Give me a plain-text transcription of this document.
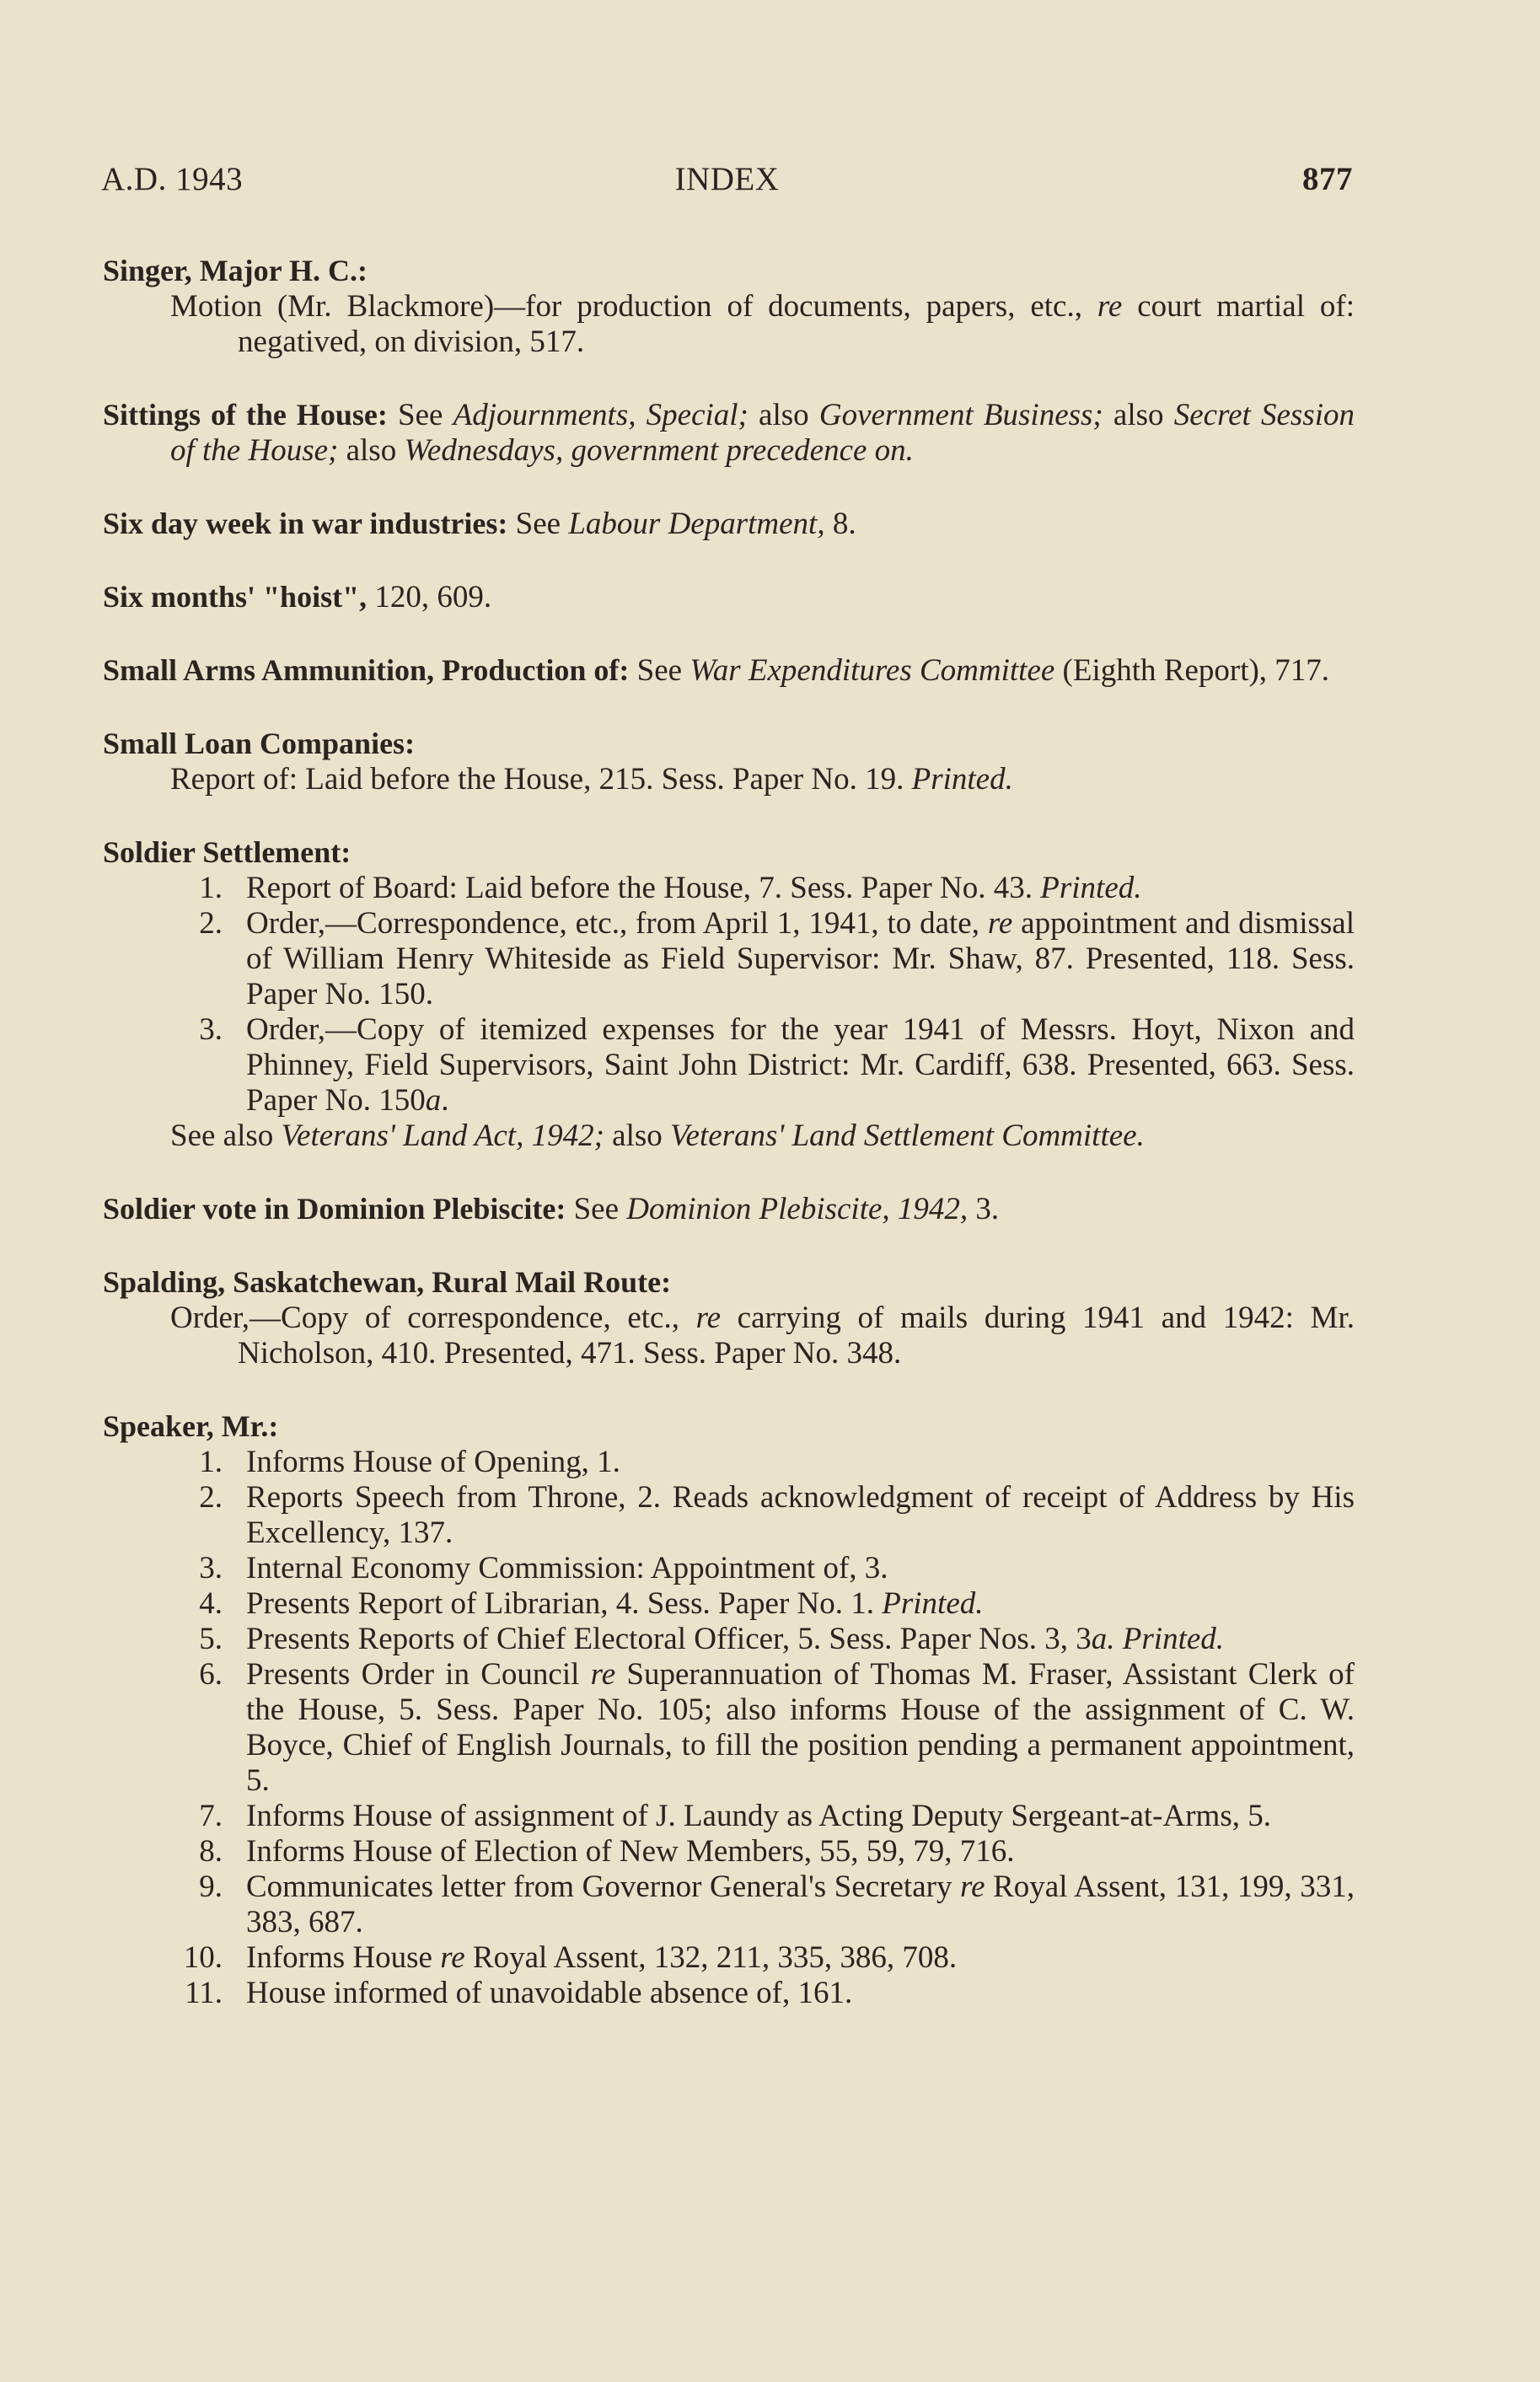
A.D. 1943	INDEX	877
Singer, Major H. C.:
Motion (Mr. Blackmore)—for production of documents, papers, etc., re court martial of: negatived, on division, 517.
Sittings of the House: See Adjournments, Special; also Government Business; also Secret Session of the House; also Wednesdays, government precedence on.
Six day week in war industries: See Labour Department, 8.
Six months' "hoist", 120, 609.
Small Arms Ammunition, Production of: See War Expenditures Committee (Eighth Report), 717.
Small Loan Companies:
Report of: Laid before the House, 215. Sess. Paper No. 19. Printed.
Soldier Settlement:
1. Report of Board: Laid before the House, 7. Sess. Paper No. 43. Printed.
2. Order,—Correspondence, etc., from April 1, 1941, to date, re appointment and dismissal of William Henry Whiteside as Field Supervisor: Mr. Shaw, 87. Presented, 118. Sess. Paper No. 150.
3. Order,—Copy of itemized expenses for the year 1941 of Messrs. Hoyt, Nixon and Phinney, Field Supervisors, Saint John District: Mr. Cardiff, 638. Presented, 663. Sess. Paper No. 150a.
See also Veterans' Land Act, 1942; also Veterans' Land Settlement Committee.
Soldier vote in Dominion Plebiscite: See Dominion Plebiscite, 1942, 3.
Spalding, Saskatchewan, Rural Mail Route:
Order,—Copy of correspondence, etc., re carrying of mails during 1941 and 1942: Mr. Nicholson, 410. Presented, 471. Sess. Paper No. 348.
Speaker, Mr.:
1. Informs House of Opening, 1.
2. Reports Speech from Throne, 2. Reads acknowledgment of receipt of Address by His Excellency, 137.
3. Internal Economy Commission: Appointment of, 3.
4. Presents Report of Librarian, 4. Sess. Paper No. 1. Printed.
5. Presents Reports of Chief Electoral Officer, 5. Sess. Paper Nos. 3, 3a. Printed.
6. Presents Order in Council re Superannuation of Thomas M. Fraser, Assistant Clerk of the House, 5. Sess. Paper No. 105; also informs House of the assignment of C. W. Boyce, Chief of English Journals, to fill the position pending a permanent appointment, 5.
7. Informs House of assignment of J. Laundy as Acting Deputy Sergeant-at-Arms, 5.
8. Informs House of Election of New Members, 55, 59, 79, 716.
9. Communicates letter from Governor General's Secretary re Royal Assent, 131, 199, 331, 383, 687.
10. Informs House re Royal Assent, 132, 211, 335, 386, 708.
11. House informed of unavoidable absence of, 161.
